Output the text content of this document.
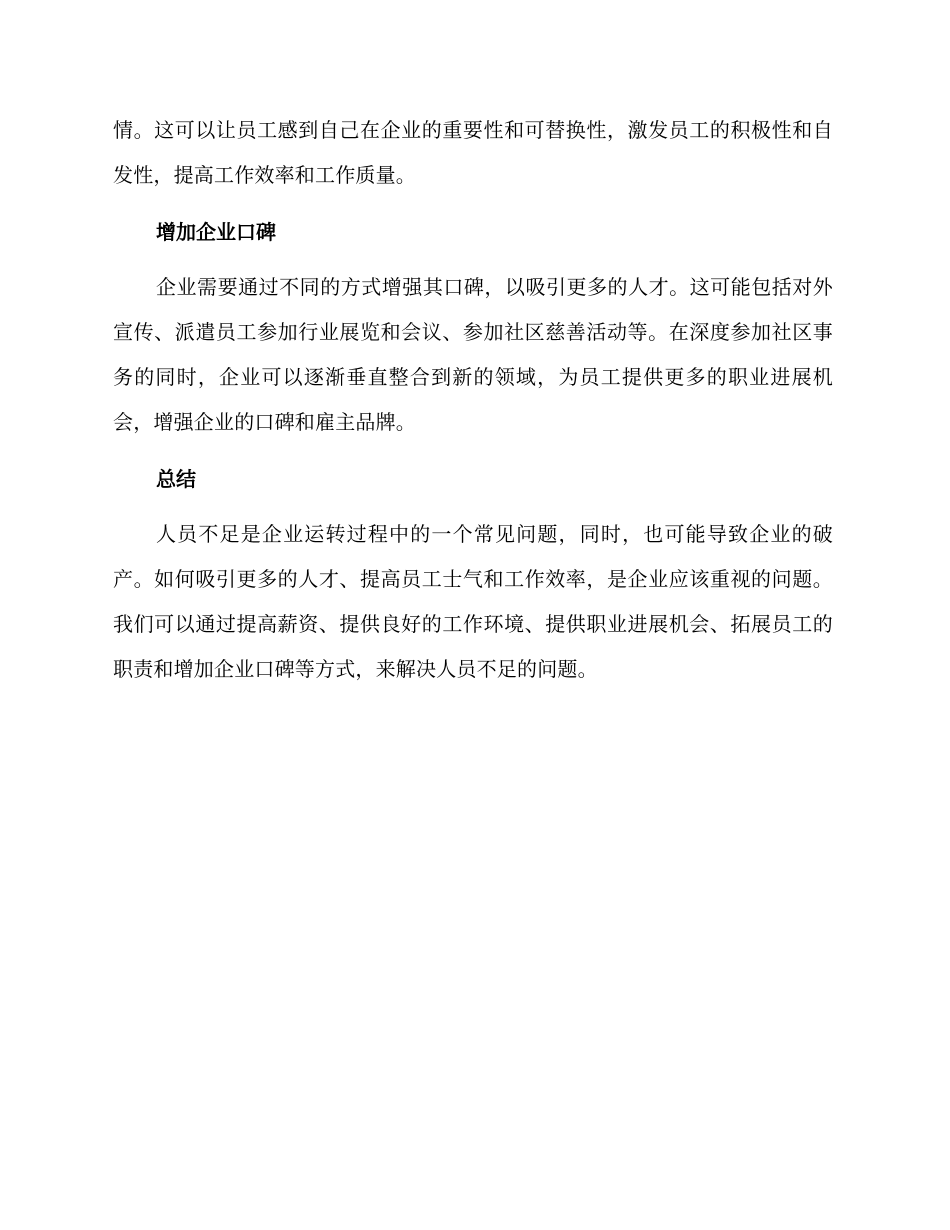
情。这可以让员工感到自己在企业的重要性和可替换性，激发员工的积极性和自发性，提高工作效率和工作质量。

增加企业口碑

企业需要通过不同的方式增强其口碑，以吸引更多的人才。这可能包括对外宣传、派遣员工参加行业展览和会议、参加社区慈善活动等。在深度参加社区事务的同时，企业可以逐渐垂直整合到新的领域，为员工提供更多的职业进展机会，增强企业的口碑和雇主品牌。

总结

人员不足是企业运转过程中的一个常见问题，同时，也可能导致企业的破产。如何吸引更多的人才、提高员工士气和工作效率，是企业应该重视的问题。我们可以通过提高薪资、提供良好的工作环境、提供职业进展机会、拓展员工的职责和增加企业口碑等方式，来解决人员不足的问题。
